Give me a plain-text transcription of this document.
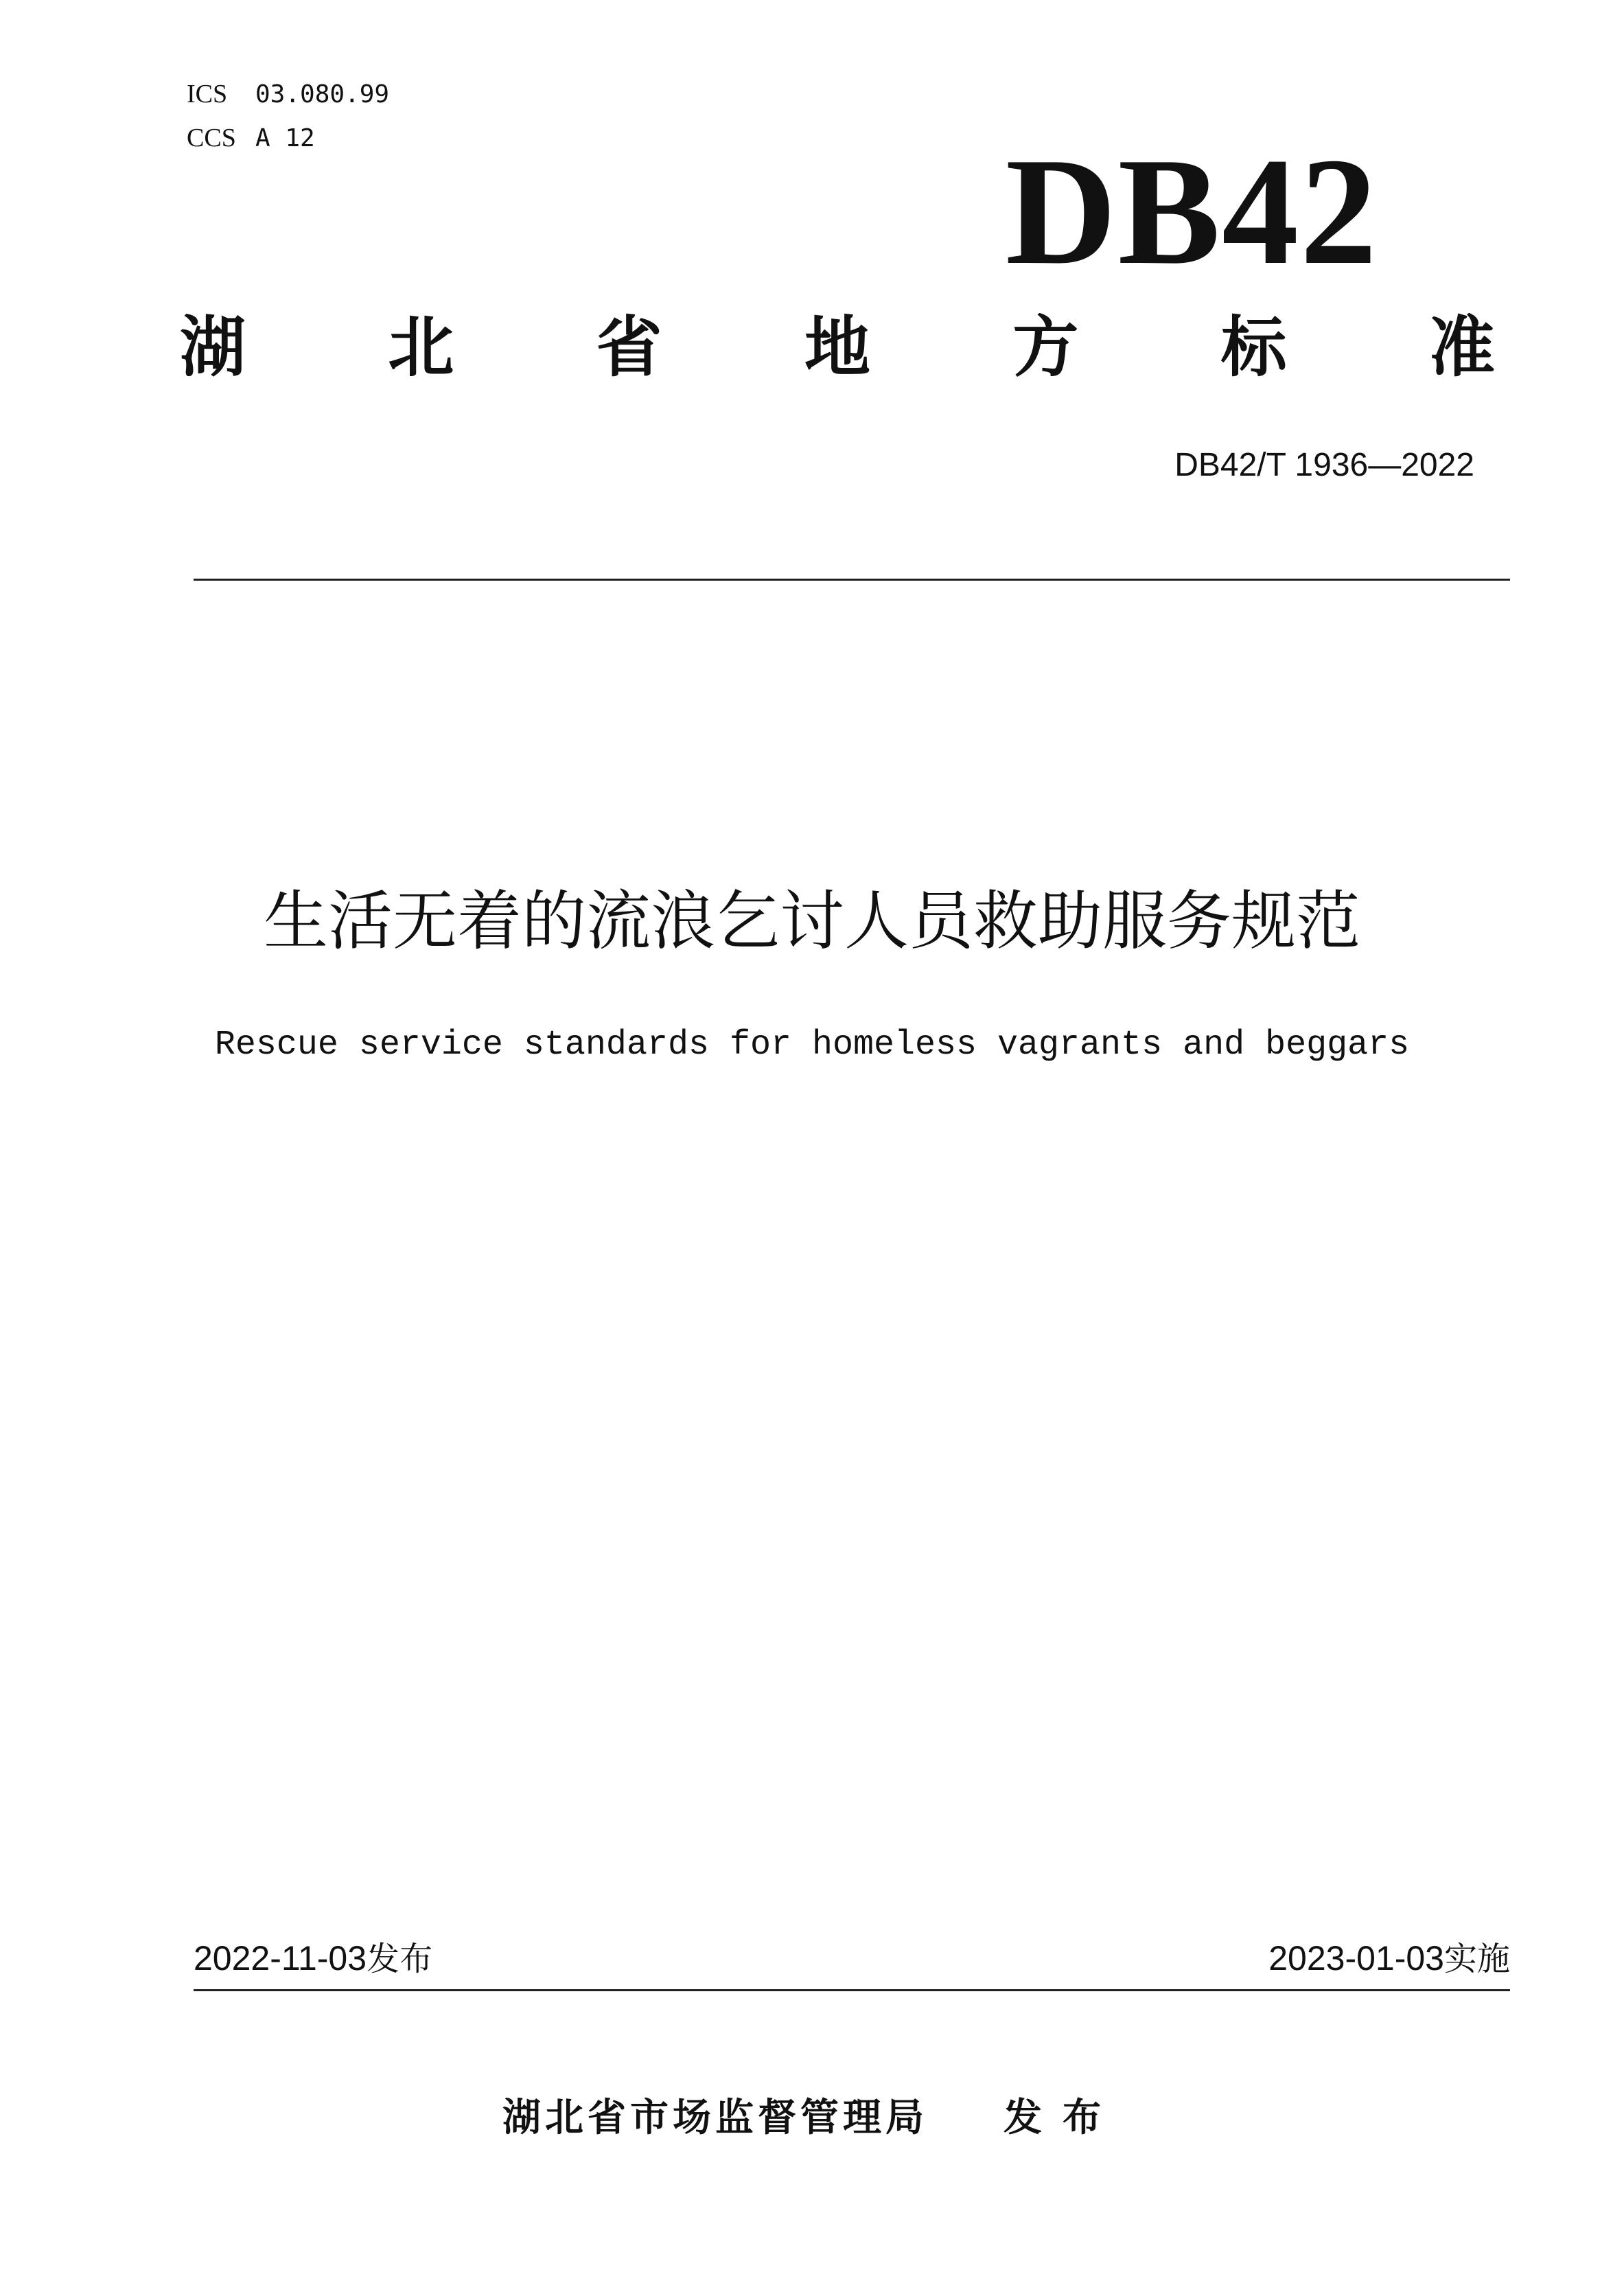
ICS 03.080.99
CCS A 12	DB42
湖 北 省 地 方 标 准
DB42/T 1936—2022
生活无着的流浪乞讨人员救助服务规范
Rescue service standards for homeless vagrants and beggars
2022-11-03发布	2023-01-03实施
湖北省市场监督管理局 发布
